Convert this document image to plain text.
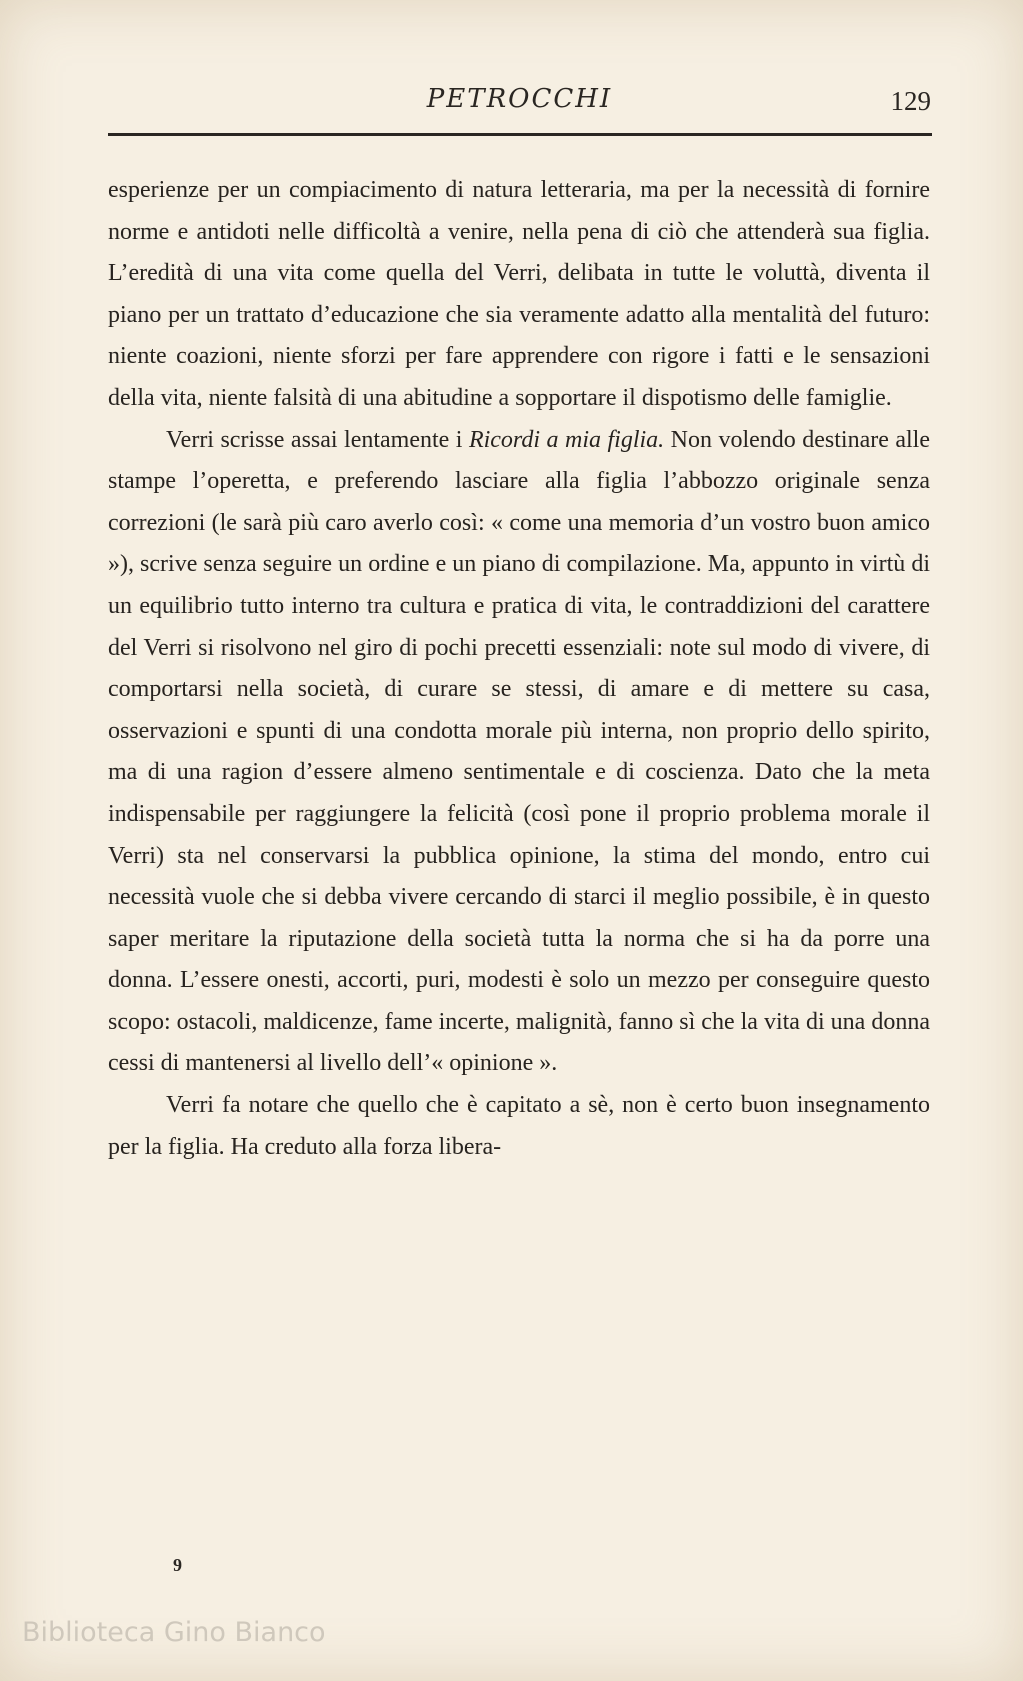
PETROCCHI	129

esperienze per un compiacimento di natura letteraria, ma per la necessità di fornire norme e antidoti nelle difficoltà a venire, nella pena di ciò che attenderà sua figlia. L’eredità di una vita come quella del Verri, delibata in tutte le voluttà, diventa il piano per un trattato d’educazione che sia veramente adatto alla mentalità del futuro: niente coazioni, niente sforzi per fare apprendere con rigore i fatti e le sensazioni della vita, niente falsità di una abitudine a sopportare il dispotismo delle famiglie.

Verri scrisse assai lentamente i Ricordi a mia figlia. Non volendo destinare alle stampe l’operetta, e preferendo lasciare alla figlia l’abbozzo originale senza correzioni (le sarà più caro averlo così: « come una memoria d’un vostro buon amico »), scrive senza seguire un ordine e un piano di compilazione. Ma, appunto in virtù di un equilibrio tutto interno tra cultura e pratica di vita, le contraddizioni del carattere del Verri si risolvono nel giro di pochi precetti essenziali: note sul modo di vivere, di comportarsi nella società, di curare se stessi, di amare e di mettere su casa, osservazioni e spunti di una condotta morale più interna, non proprio dello spirito, ma di una ragion d’essere almeno sentimentale e di coscienza. Dato che la meta indispensabile per raggiungere la felicità (così pone il proprio problema morale il Verri) sta nel conservarsi la pubblica opinione, la stima del mondo, entro cui necessità vuole che si debba vivere cercando di starci il meglio possibile, è in questo saper meritare la riputazione della società tutta la norma che si ha da porre una donna. L’essere onesti, accorti, puri, modesti è solo un mezzo per conseguire questo scopo: ostacoli, maldicenze, fame incerte, malignità, fanno sì che la vita di una donna cessi di mantenersi al livello dell’« opinione ».

Verri fa notare che quello che è capitato a sè, non è certo buon insegnamento per la figlia. Ha creduto alla forza libera-

9
Biblioteca Gino Bianco
